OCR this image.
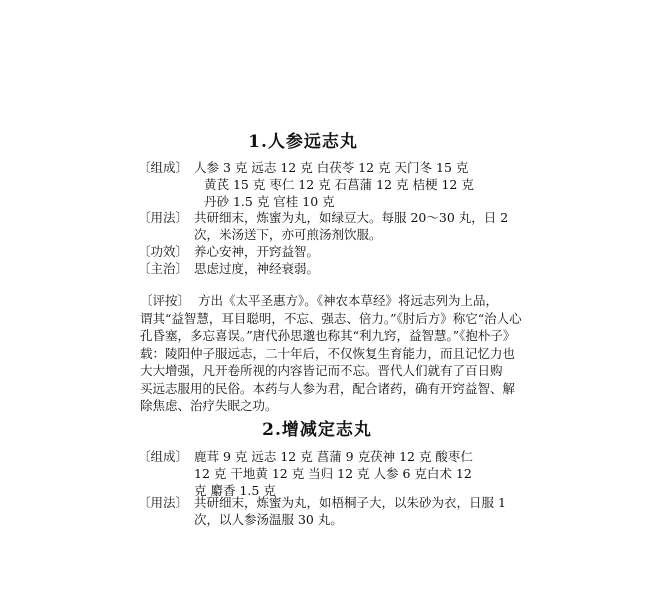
1.人参远志丸
〔组成〕 人参 3 克 远志 12 克 白茯苓 12 克 天门冬 15 克
黄芪 15 克 枣仁 12 克 石菖蒲 12 克 桔梗 12 克
丹砂 1.5 克 官桂 10 克
〔用法〕 共研细末，炼蜜为丸，如绿豆大。每服 20～30 丸，日 2
次，米汤送下，亦可煎汤剂饮服。
〔功效〕 养心安神，开窍益智。
〔主治〕 思虑过度，神经衰弱。
〔评按〕 方出《太平圣惠方》。《神农本草经》将远志列为上品，
谓其“益智慧，耳目聪明，不忘、强志、倍力。”《肘后方》称它“治人心
孔昏塞，多忘喜误。”唐代孙思邈也称其“利九窍，益智慧。”《抱朴子》
载：陵阳仲子服远志，二十年后，不仅恢复生育能力，而且记忆力也
大大增强，凡开卷所视的内容皆记而不忘。晋代人们就有了百日购
买远志服用的民俗。本药与人参为君，配合诸药，确有开窍益智、解
除焦虑、治疗失眠之功。
2.增减定志丸
〔组成〕 鹿茸 9 克 远志 12 克 菖蒲 9 克茯神 12 克 酸枣仁
12 克 干地黄 12 克 当归 12 克 人参 6 克白术 12
克 麝香 1.5 克
〔用法〕 共研细末，炼蜜为丸，如梧桐子大，以朱砂为衣，日服 1
次，以人参汤温服 30 丸。
